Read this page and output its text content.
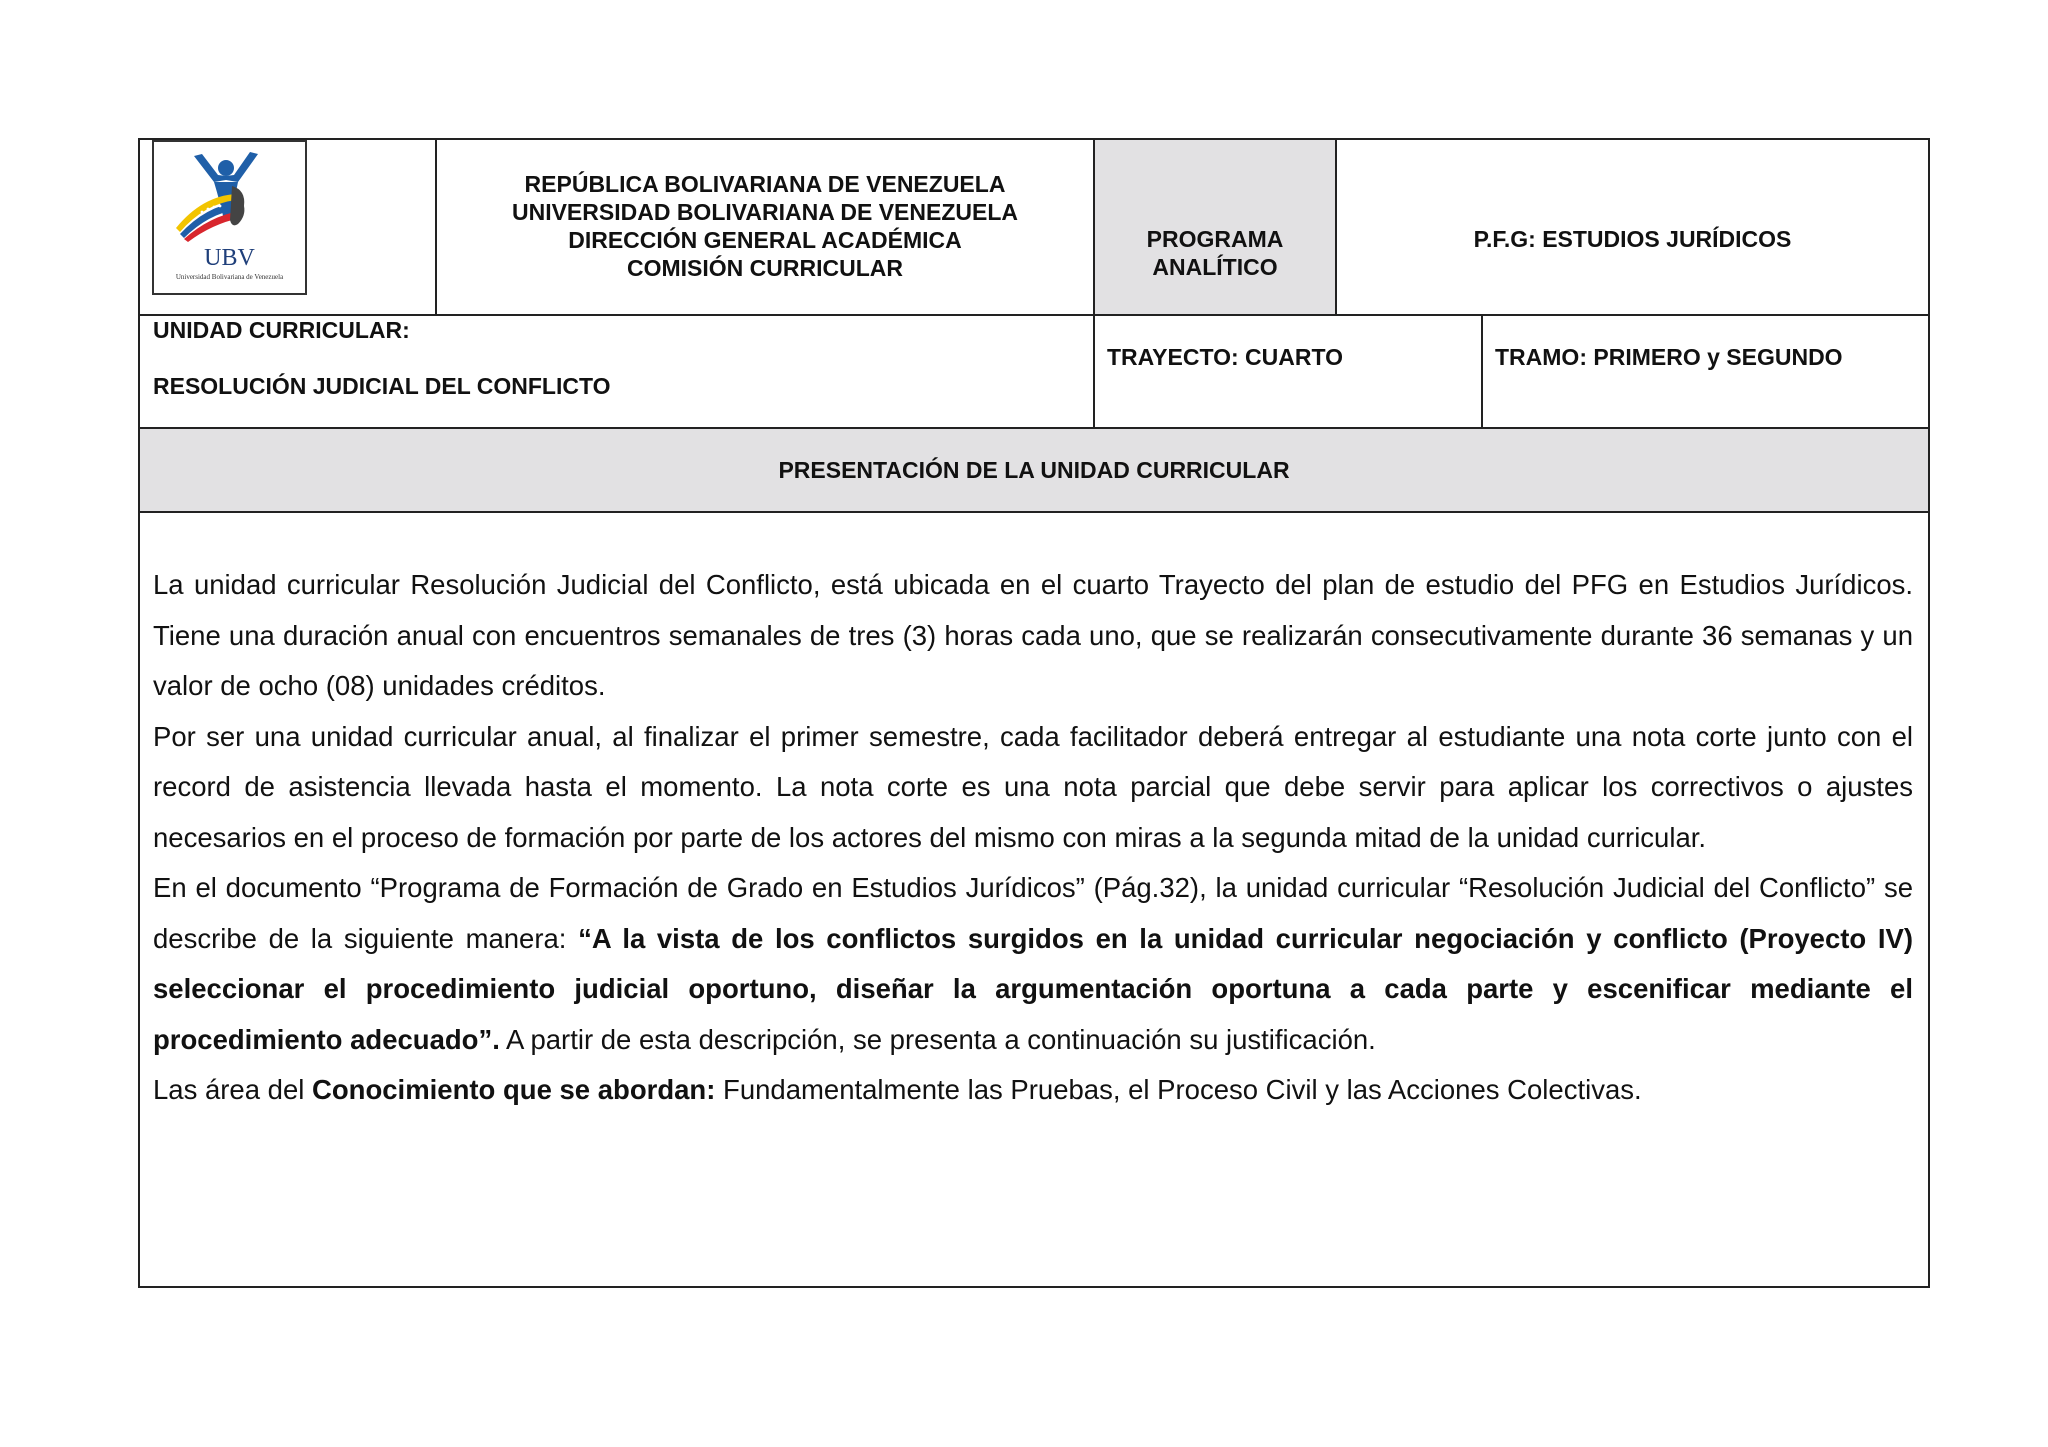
UBV
Universidad Bolivariana de Venezuela
REPÚBLICA BOLIVARIANA DE VENEZUELA
UNIVERSIDAD BOLIVARIANA DE VENEZUELA
DIRECCIÓN GENERAL ACADÉMICA
COMISIÓN CURRICULAR
PROGRAMA
ANALÍTICO
P.F.G: ESTUDIOS JURÍDICOS
UNIDAD CURRICULAR:
RESOLUCIÓN JUDICIAL DEL CONFLICTO
TRAYECTO: CUARTO	TRAMO: PRIMERO y SEGUNDO
PRESENTACIÓN DE LA UNIDAD CURRICULAR

La unidad curricular Resolución Judicial del Conflicto, está ubicada en el cuarto Trayecto del plan de estudio del PFG en Estudios Jurídicos. Tiene una duración anual con encuentros semanales de tres (3) horas cada uno, que se realizarán consecutivamente durante 36 semanas y un valor de ocho (08) unidades créditos.

Por ser una unidad curricular anual, al finalizar el primer semestre, cada facilitador deberá entregar al estudiante una nota corte junto con el record de asistencia llevada hasta el momento. La nota corte es una nota parcial que debe servir para aplicar los correctivos o ajustes necesarios en el proceso de formación por parte de los actores del mismo con miras a la segunda mitad de la unidad curricular.

En el documento “Programa de Formación de Grado en Estudios Jurídicos” (Pág.32), la unidad curricular “Resolución Judicial del Conflicto” se describe de la siguiente manera: “A la vista de los conflictos surgidos en la unidad curricular negociación y conflicto (Proyecto IV) seleccionar el procedimiento judicial oportuno, diseñar la argumentación oportuna a cada parte y escenificar mediante el procedimiento adecuado”. A partir de esta descripción, se presenta a continuación su justificación.

Las área del Conocimiento que se abordan: Fundamentalmente las Pruebas, el Proceso Civil y las Acciones Colectivas.
